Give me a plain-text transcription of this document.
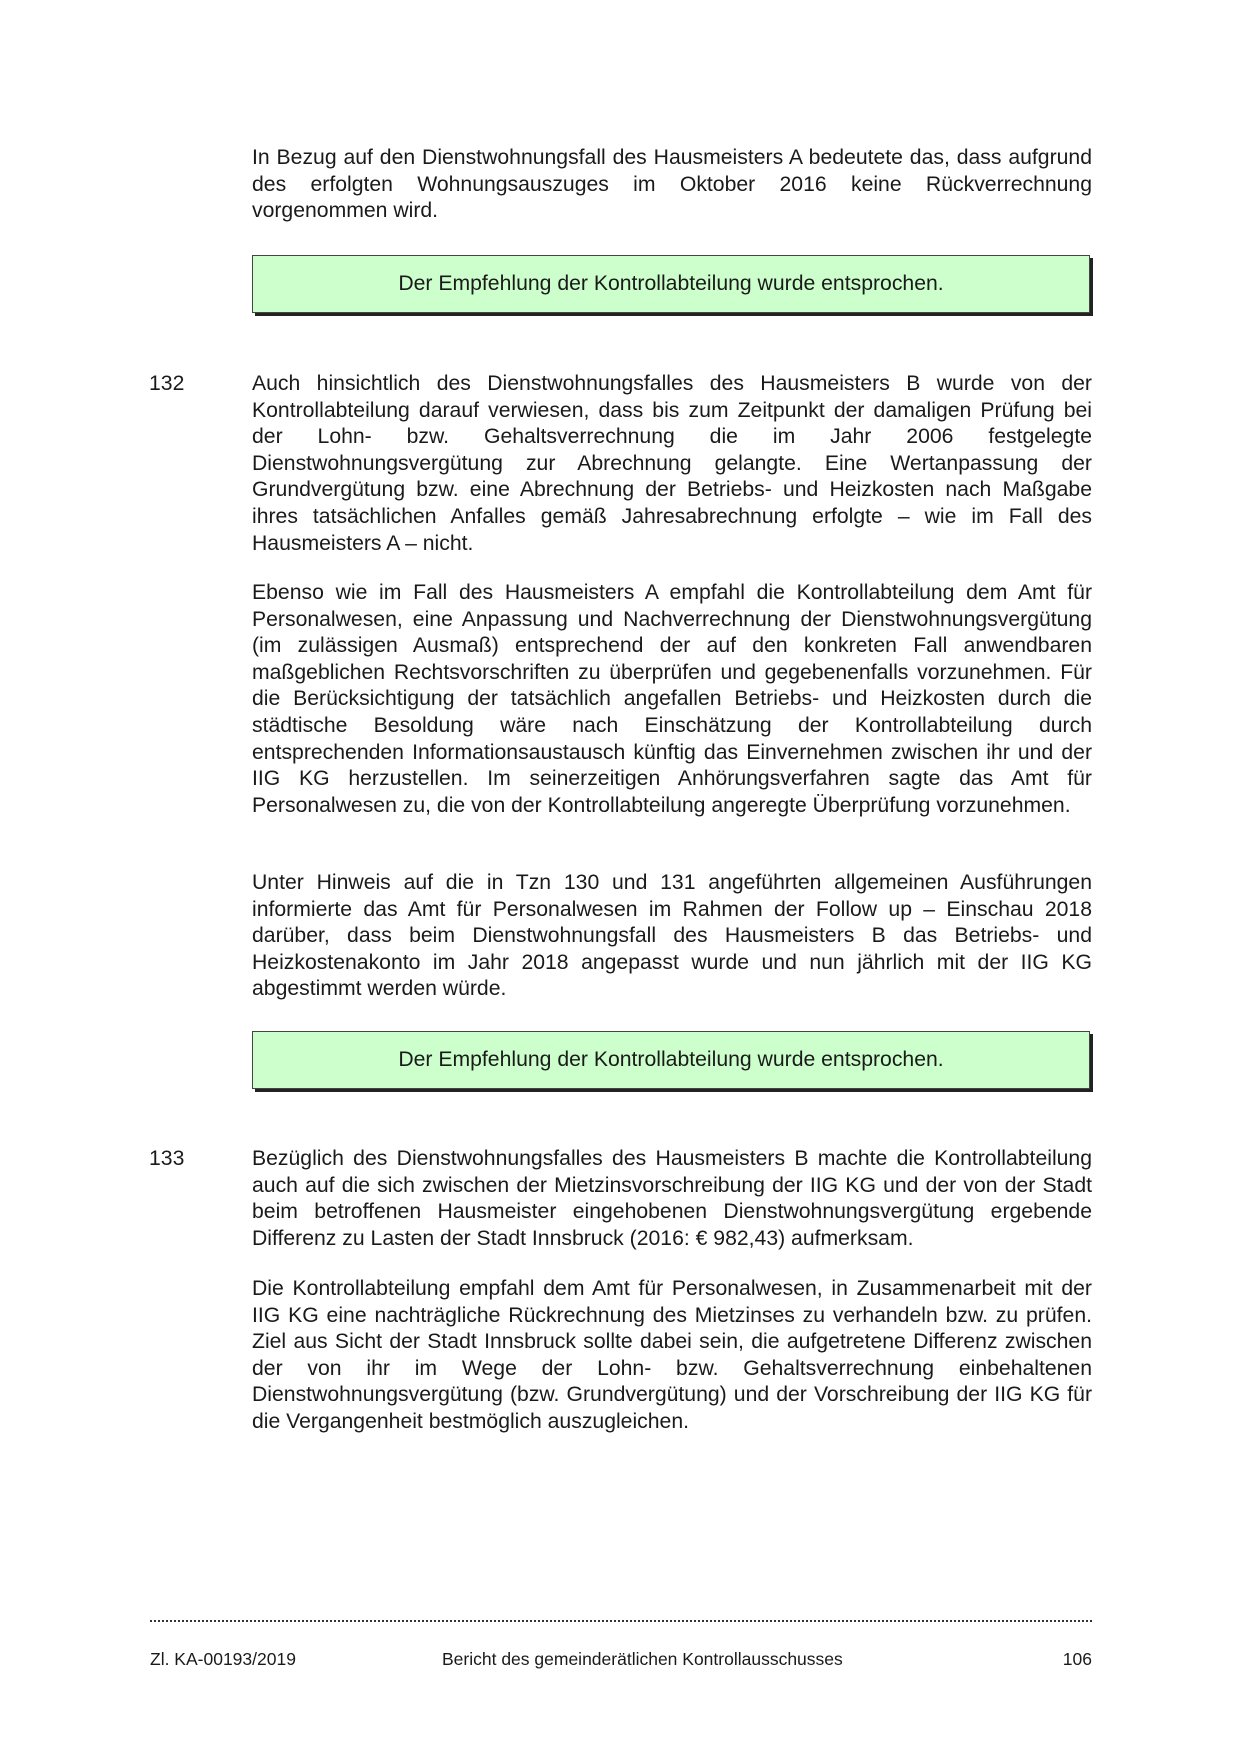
In Bezug auf den Dienstwohnungsfall des Hausmeisters A bedeutete das, dass aufgrund des erfolgten Wohnungsauszuges im Oktober 2016 keine Rückverrechnung vorgenommen wird.

Der Empfehlung der Kontrollabteilung wurde entsprochen.

132	Auch hinsichtlich des Dienstwohnungsfalles des Hausmeisters B wurde von der Kontrollabteilung darauf verwiesen, dass bis zum Zeitpunkt der damaligen Prüfung bei der Lohn- bzw. Gehaltsverrechnung die im Jahr 2006 festgelegte Dienstwohnungsvergütung zur Abrechnung gelangte. Eine Wertanpassung der Grundvergütung bzw. eine Abrechnung der Betriebs- und Heizkosten nach Maßgabe ihres tatsächlichen Anfalles gemäß Jahresabrechnung erfolgte – wie im Fall des Hausmeisters A – nicht.

Ebenso wie im Fall des Hausmeisters A empfahl die Kontrollabteilung dem Amt für Personalwesen, eine Anpassung und Nachverrechnung der Dienstwohnungsvergütung (im zulässigen Ausmaß) entsprechend der auf den konkreten Fall anwendbaren maßgeblichen Rechtsvorschriften zu überprüfen und gegebenenfalls vorzunehmen. Für die Berücksichtigung der tatsächlich angefallen Betriebs- und Heizkosten durch die städtische Besoldung wäre nach Einschätzung der Kontrollabteilung durch entsprechenden Informationsaustausch künftig das Einvernehmen zwischen ihr und der IIG KG herzustellen. Im seinerzeitigen Anhörungsverfahren sagte das Amt für Personalwesen zu, die von der Kontrollabteilung angeregte Überprüfung vorzunehmen.

Unter Hinweis auf die in Tzn 130 und 131 angeführten allgemeinen Ausführungen informierte das Amt für Personalwesen im Rahmen der Follow up – Einschau 2018 darüber, dass beim Dienstwohnungsfall des Hausmeisters B das Betriebs- und Heizkostenakonto im Jahr 2018 angepasst wurde und nun jährlich mit der IIG KG abgestimmt werden würde.

Der Empfehlung der Kontrollabteilung wurde entsprochen.

133	Bezüglich des Dienstwohnungsfalles des Hausmeisters B machte die Kontrollabteilung auch auf die sich zwischen der Mietzinsvorschreibung der IIG KG und der von der Stadt beim betroffenen Hausmeister eingehobenen Dienstwohnungsvergütung ergebende Differenz zu Lasten der Stadt Innsbruck (2016: € 982,43) aufmerksam.

Die Kontrollabteilung empfahl dem Amt für Personalwesen, in Zusammenarbeit mit der IIG KG eine nachträgliche Rückrechnung des Mietzinses zu verhandeln bzw. zu prüfen. Ziel aus Sicht der Stadt Innsbruck sollte dabei sein, die aufgetretene Differenz zwischen der von ihr im Wege der Lohn- bzw. Gehaltsverrechnung einbehaltenen Dienstwohnungsvergütung (bzw. Grundvergütung) und der Vorschreibung der IIG KG für die Vergangenheit bestmöglich auszugleichen.

Zl. KA-00193/2019	Bericht des gemeinderätlichen Kontrollausschusses	106
